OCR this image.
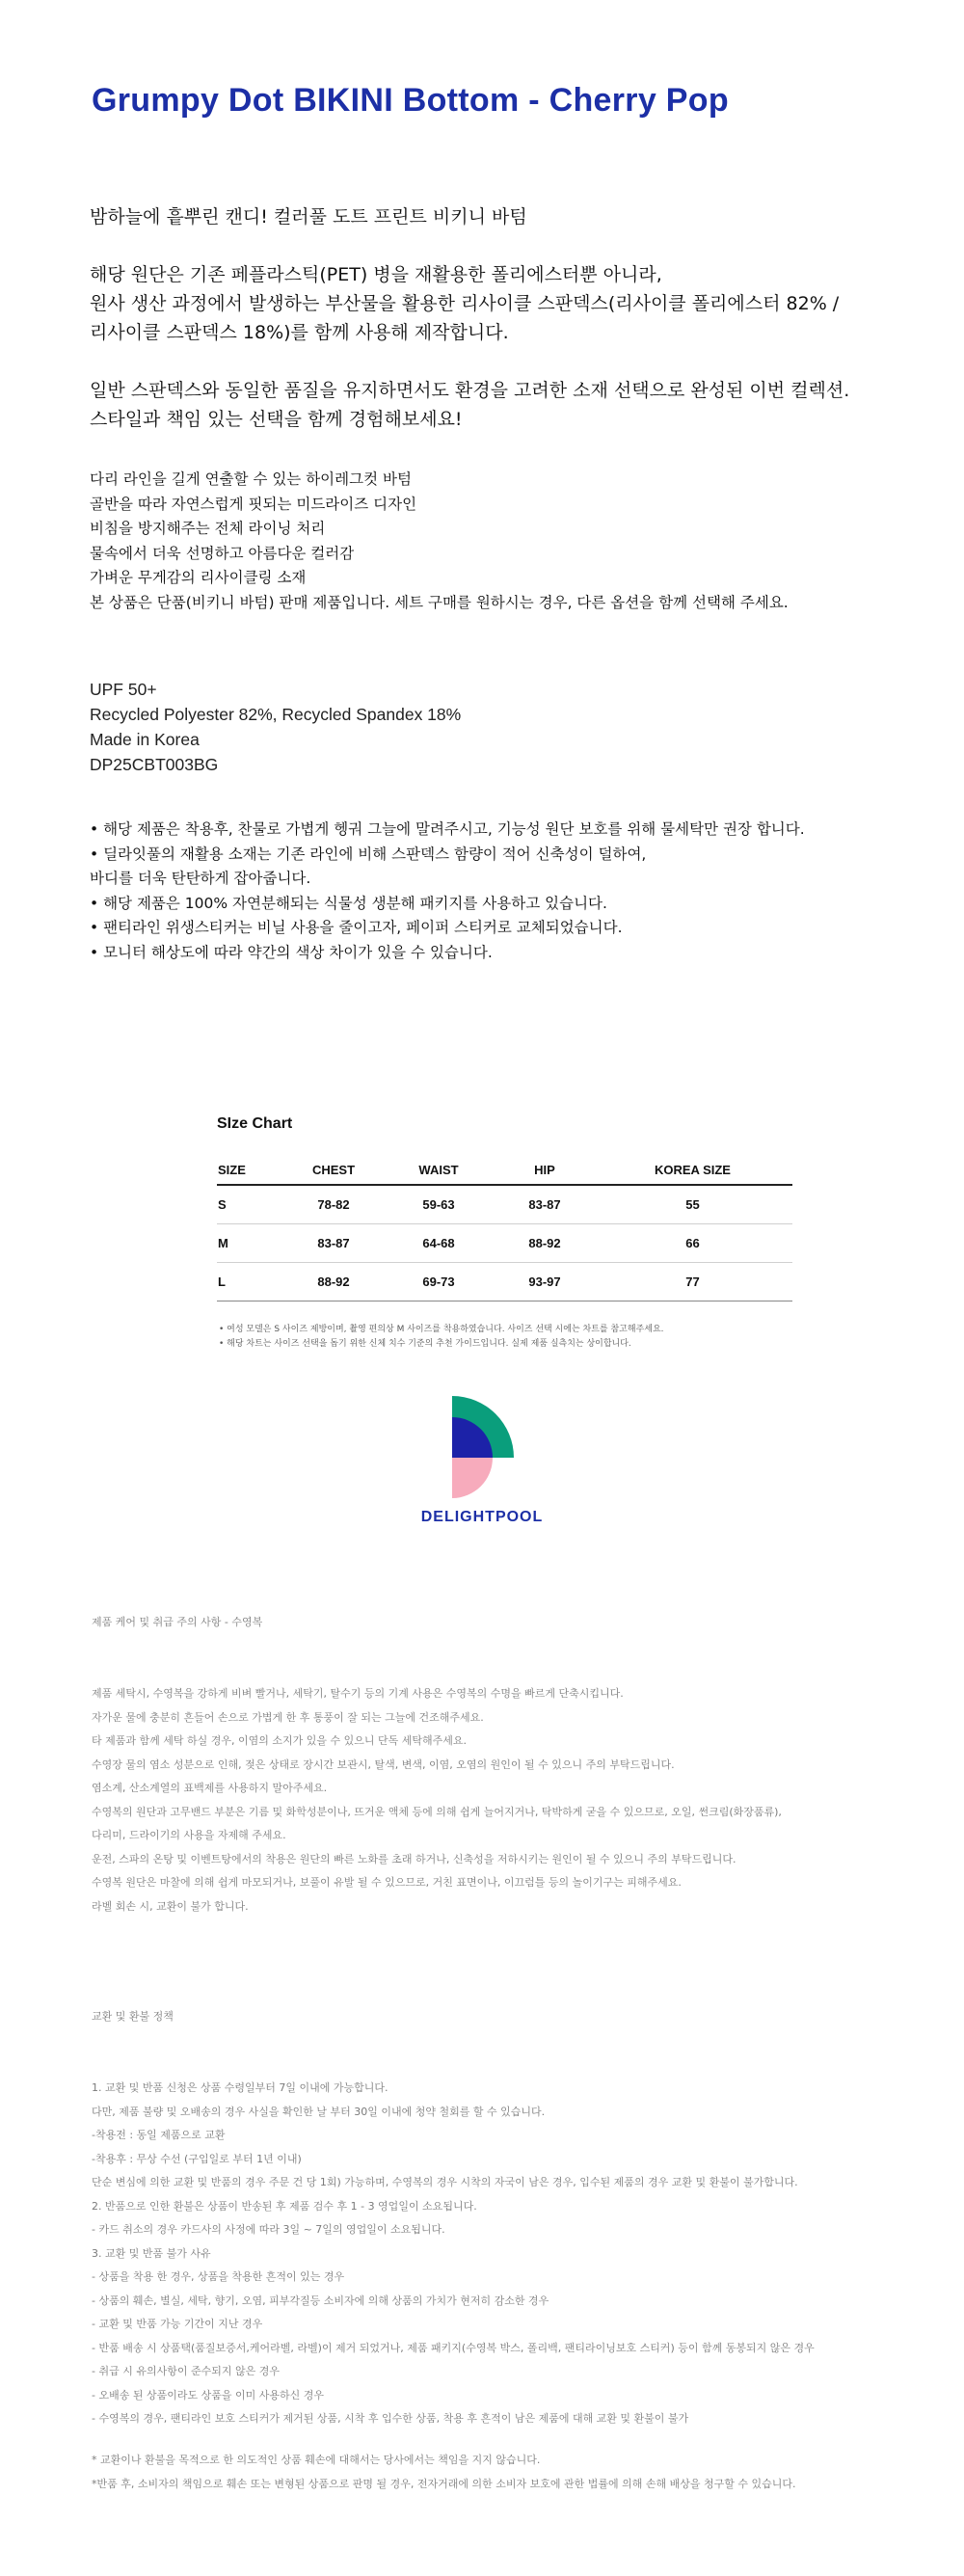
Grumpy Dot BIKINI Bottom - Cherry Pop

밤하늘에 흩뿌린 캔디! 컬러풀 도트 프린트 비키니 바텀

해당 원단은 기존 페플라스틱(PET) 병을 재활용한 폴리에스터뿐 아니라,

원사 생산 과정에서 발생하는 부산물을 활용한 리사이클 스판덱스(리사이클 폴리에스터 82% /

리사이클 스판덱스 18%)를 함께 사용해 제작합니다.

일반 스판덱스와 동일한 품질을 유지하면서도 환경을 고려한 소재 선택으로 완성된 이번 컬렉션.

스타일과 책임 있는 선택을 함께 경험해보세요!

다리 라인을 길게 연출할 수 있는 하이레그컷 바텀

골반을 따라 자연스럽게 핏되는 미드라이즈 디자인

비침을 방지해주는 전체 라이닝 처리

물속에서 더욱 선명하고 아름다운 컬러감

가벼운 무게감의 리사이클링 소재

본 상품은 단품(비키니 바텀) 판매 제품입니다. 세트 구매를 원하시는 경우, 다른 옵션을 함께 선택해 주세요.

UPF 50+

Recycled Polyester 82%, Recycled Spandex 18%

Made in Korea

DP25CBT003BG

• 해당 제품은 착용후, 찬물로 가볍게 헹궈 그늘에 말려주시고, 기능성 원단 보호를 위해 물세탁만 권장 합니다.

• 딜라잇풀의 재활용 소재는 기존 라인에 비해 스판덱스 함량이 적어 신축성이 덜하여,

바디를 더욱 탄탄하게 잡아줍니다.

• 해당 제품은 100% 자연분해되는 식물성 생분해 패키지를 사용하고 있습니다.

• 팬티라인 위생스티커는 비닐 사용을 줄이고자, 페이퍼 스티커로 교체되었습니다.

• 모니터 해상도에 따라 약간의 색상 차이가 있을 수 있습니다.

SIze Chart
SIZE	CHEST	WAIST	HIP	KOREA SIZE
S	78-82	59-63	83-87	55
M	83-87	64-68	88-92	66
L	88-92	69-73	93-97	77

• 여성 모델은 S 사이즈 제방이며, 촬영 편의상 M 사이즈를 착용하였습니다. 사이즈 선택 시에는 차트를 참고해주세요.

• 해당 차트는 사이즈 선택을 돕기 위한 신체 치수 기준의 추천 가이드입니다. 실제 제품 실측치는 상이합니다.

DELIGHTPOOL

제품 케어 및 취급 주의 사항 - 수영복

제품 세탁시, 수영복을 강하게 비벼 빨거나, 세탁기, 탈수기 등의 기계 사용은 수영복의 수명을 빠르게 단축시킵니다.

자가운 물에 충분히 흔들어 손으로 가볍게 한 후 통풍이 잘 되는 그늘에 건조해주세요.

타 제품과 함께 세탁 하실 경우, 이염의 소지가 있을 수 있으니 단독 세탁해주세요.

수영장 물의 염소 성분으로 인해, 젖은 상태로 장시간 보관시, 탈색, 변색, 이염, 오염의 원인이 될 수 있으니 주의 부탁드립니다.

염소계, 산소계열의 표백제를 사용하지 말아주세요.

수영복의 원단과 고무밴드 부분은 기름 및 화학성분이나, 뜨거운 액체 등에 의해 쉽게 늘어지거나, 탁박하게 굳을 수 있으므로, 오일, 썬크림(화장품류),

다리미, 드라이기의 사용을 자제해 주세요.

운전, 스파의 온탕 및 이벤트탕에서의 착용은 원단의 빠른 노화를 초래 하거나, 신축성을 저하시키는 원인이 될 수 있으니 주의 부탁드립니다.

수영복 원단은 마찰에 의해 쉽게 마모되거나, 보풀이 유발 될 수 있으므로, 거친 표면이나, 이끄럼틀 등의 놀이기구는 피해주세요.

라벨 회손 시, 교환이 불가 합니다.

교환 및 환불 정책

1. 교환 및 반품 신청은 상품 수령일부터 7일 이내에 가능합니다.

다만, 제품 불량 및 오배송의 경우 사실을 확인한 날 부터 30일 이내에 청약 철회를 할 수 있습니다.

-착용전 : 동일 제품으로 교환

-착용후 : 무상 수선 (구입일로 부터 1년 이내)

단순 변심에 의한 교환 및 반품의 경우 주문 건 당 1회) 가능하며, 수영복의 경우 시착의 자국이 남은 경우, 입수된 제품의 경우 교환 및 환불이 불가합니다.

2. 반품으로 인한 환불은 상품이 반송된 후 제품 검수 후 1 - 3 영업일이 소요됩니다.

- 카드 취소의 경우 카드사의 사정에 따라 3일 ~ 7일의 영업일이 소요됩니다.

3. 교환 및 반품 불가 사유

- 상품을 착용 한 경우, 상품을 착용한 흔적이 있는 경우

- 상품의 훼손, 별실, 세탁, 향기, 오염, 피부각질등 소비자에 의해 상품의 가치가 현저히 감소한 경우

- 교환 및 반품 가능 기간이 지난 경우

- 반품 배송 시 상품택(품질보증서,케어라벨, 라벨)이 제거 되었거나, 제품 패키지(수영복 박스, 폴리백, 팬티라이닝보호 스티커) 등이 함께 동봉되지 않은 경우

- 취급 시 유의사항이 준수되지 않은 경우

- 오배송 된 상품이라도 상품을 이미 사용하신 경우

- 수영복의 경우, 팬티라인 보호 스티커가 제거된 상품, 시착 후 입수한 상품, 착용 후 흔적이 남은 제품에 대해 교환 및 환불이 불가

* 교환이나 환불을 목적으로 한 의도적인 상품 훼손에 대해서는 당사에서는 책임을 지지 않습니다.

*반품 후, 소비자의 책임으로 훼손 또는 변형된 상품으로 판명 될 경우, 전자거래에 의한 소비자 보호에 관한 법률에 의해 손해 배상을 청구할 수 있습니다.
